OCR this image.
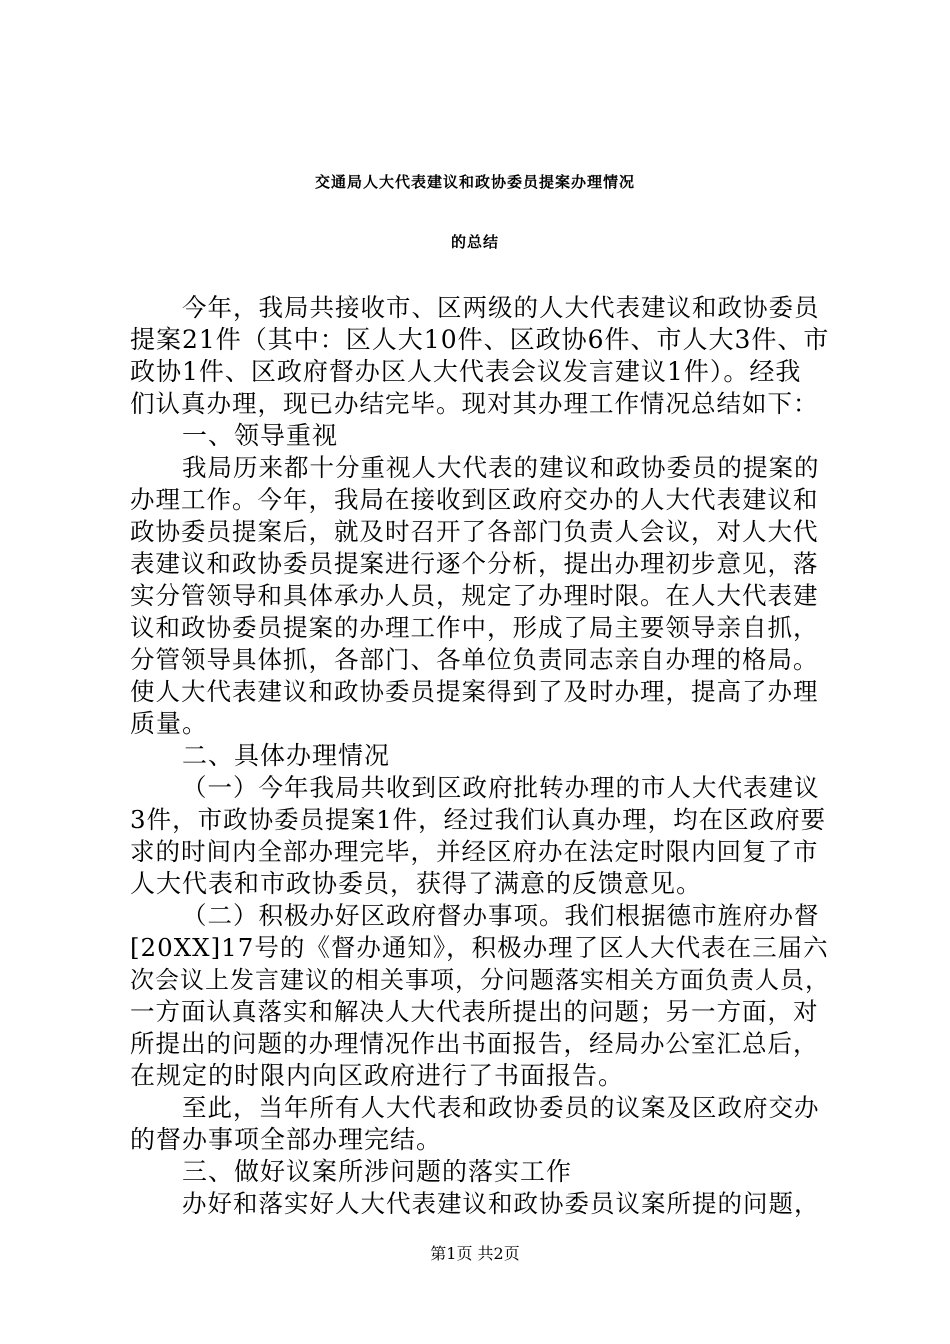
交通局人大代表建议和政协委员提案办理情况
的总结
今年，我局共接收市、区两级的人大代表建议和政协委员
提案21件（其中：区人大10件、区政协6件、市人大3件、市
政协1件、区政府督办区人大代表会议发言建议1件）。经我
们认真办理，现已办结完毕。现对其办理工作情况总结如下：
一、领导重视
我局历来都十分重视人大代表的建议和政协委员的提案的
办理工作。今年，我局在接收到区政府交办的人大代表建议和
政协委员提案后，就及时召开了各部门负责人会议，对人大代
表建议和政协委员提案进行逐个分析，提出办理初步意见，落
实分管领导和具体承办人员，规定了办理时限。在人大代表建
议和政协委员提案的办理工作中，形成了局主要领导亲自抓，
分管领导具体抓，各部门、各单位负责同志亲自办理的格局。
使人大代表建议和政协委员提案得到了及时办理，提高了办理
质量。
二、具体办理情况
（一）今年我局共收到区政府批转办理的市人大代表建议
3件，市政协委员提案1件，经过我们认真办理，均在区政府要
求的时间内全部办理完毕，并经区府办在法定时限内回复了市
人大代表和市政协委员，获得了满意的反馈意见。
（二）积极办好区政府督办事项。我们根据德市旌府办督
[20XX]17号的《督办通知》，积极办理了区人大代表在三届六
次会议上发言建议的相关事项，分问题落实相关方面负责人员，
一方面认真落实和解决人大代表所提出的问题；另一方面，对
所提出的问题的办理情况作出书面报告，经局办公室汇总后，
在规定的时限内向区政府进行了书面报告。
至此，当年所有人大代表和政协委员的议案及区政府交办
的督办事项全部办理完结。
三、做好议案所涉问题的落实工作
办好和落实好人大代表建议和政协委员议案所提的问题，
第1页 共2页
